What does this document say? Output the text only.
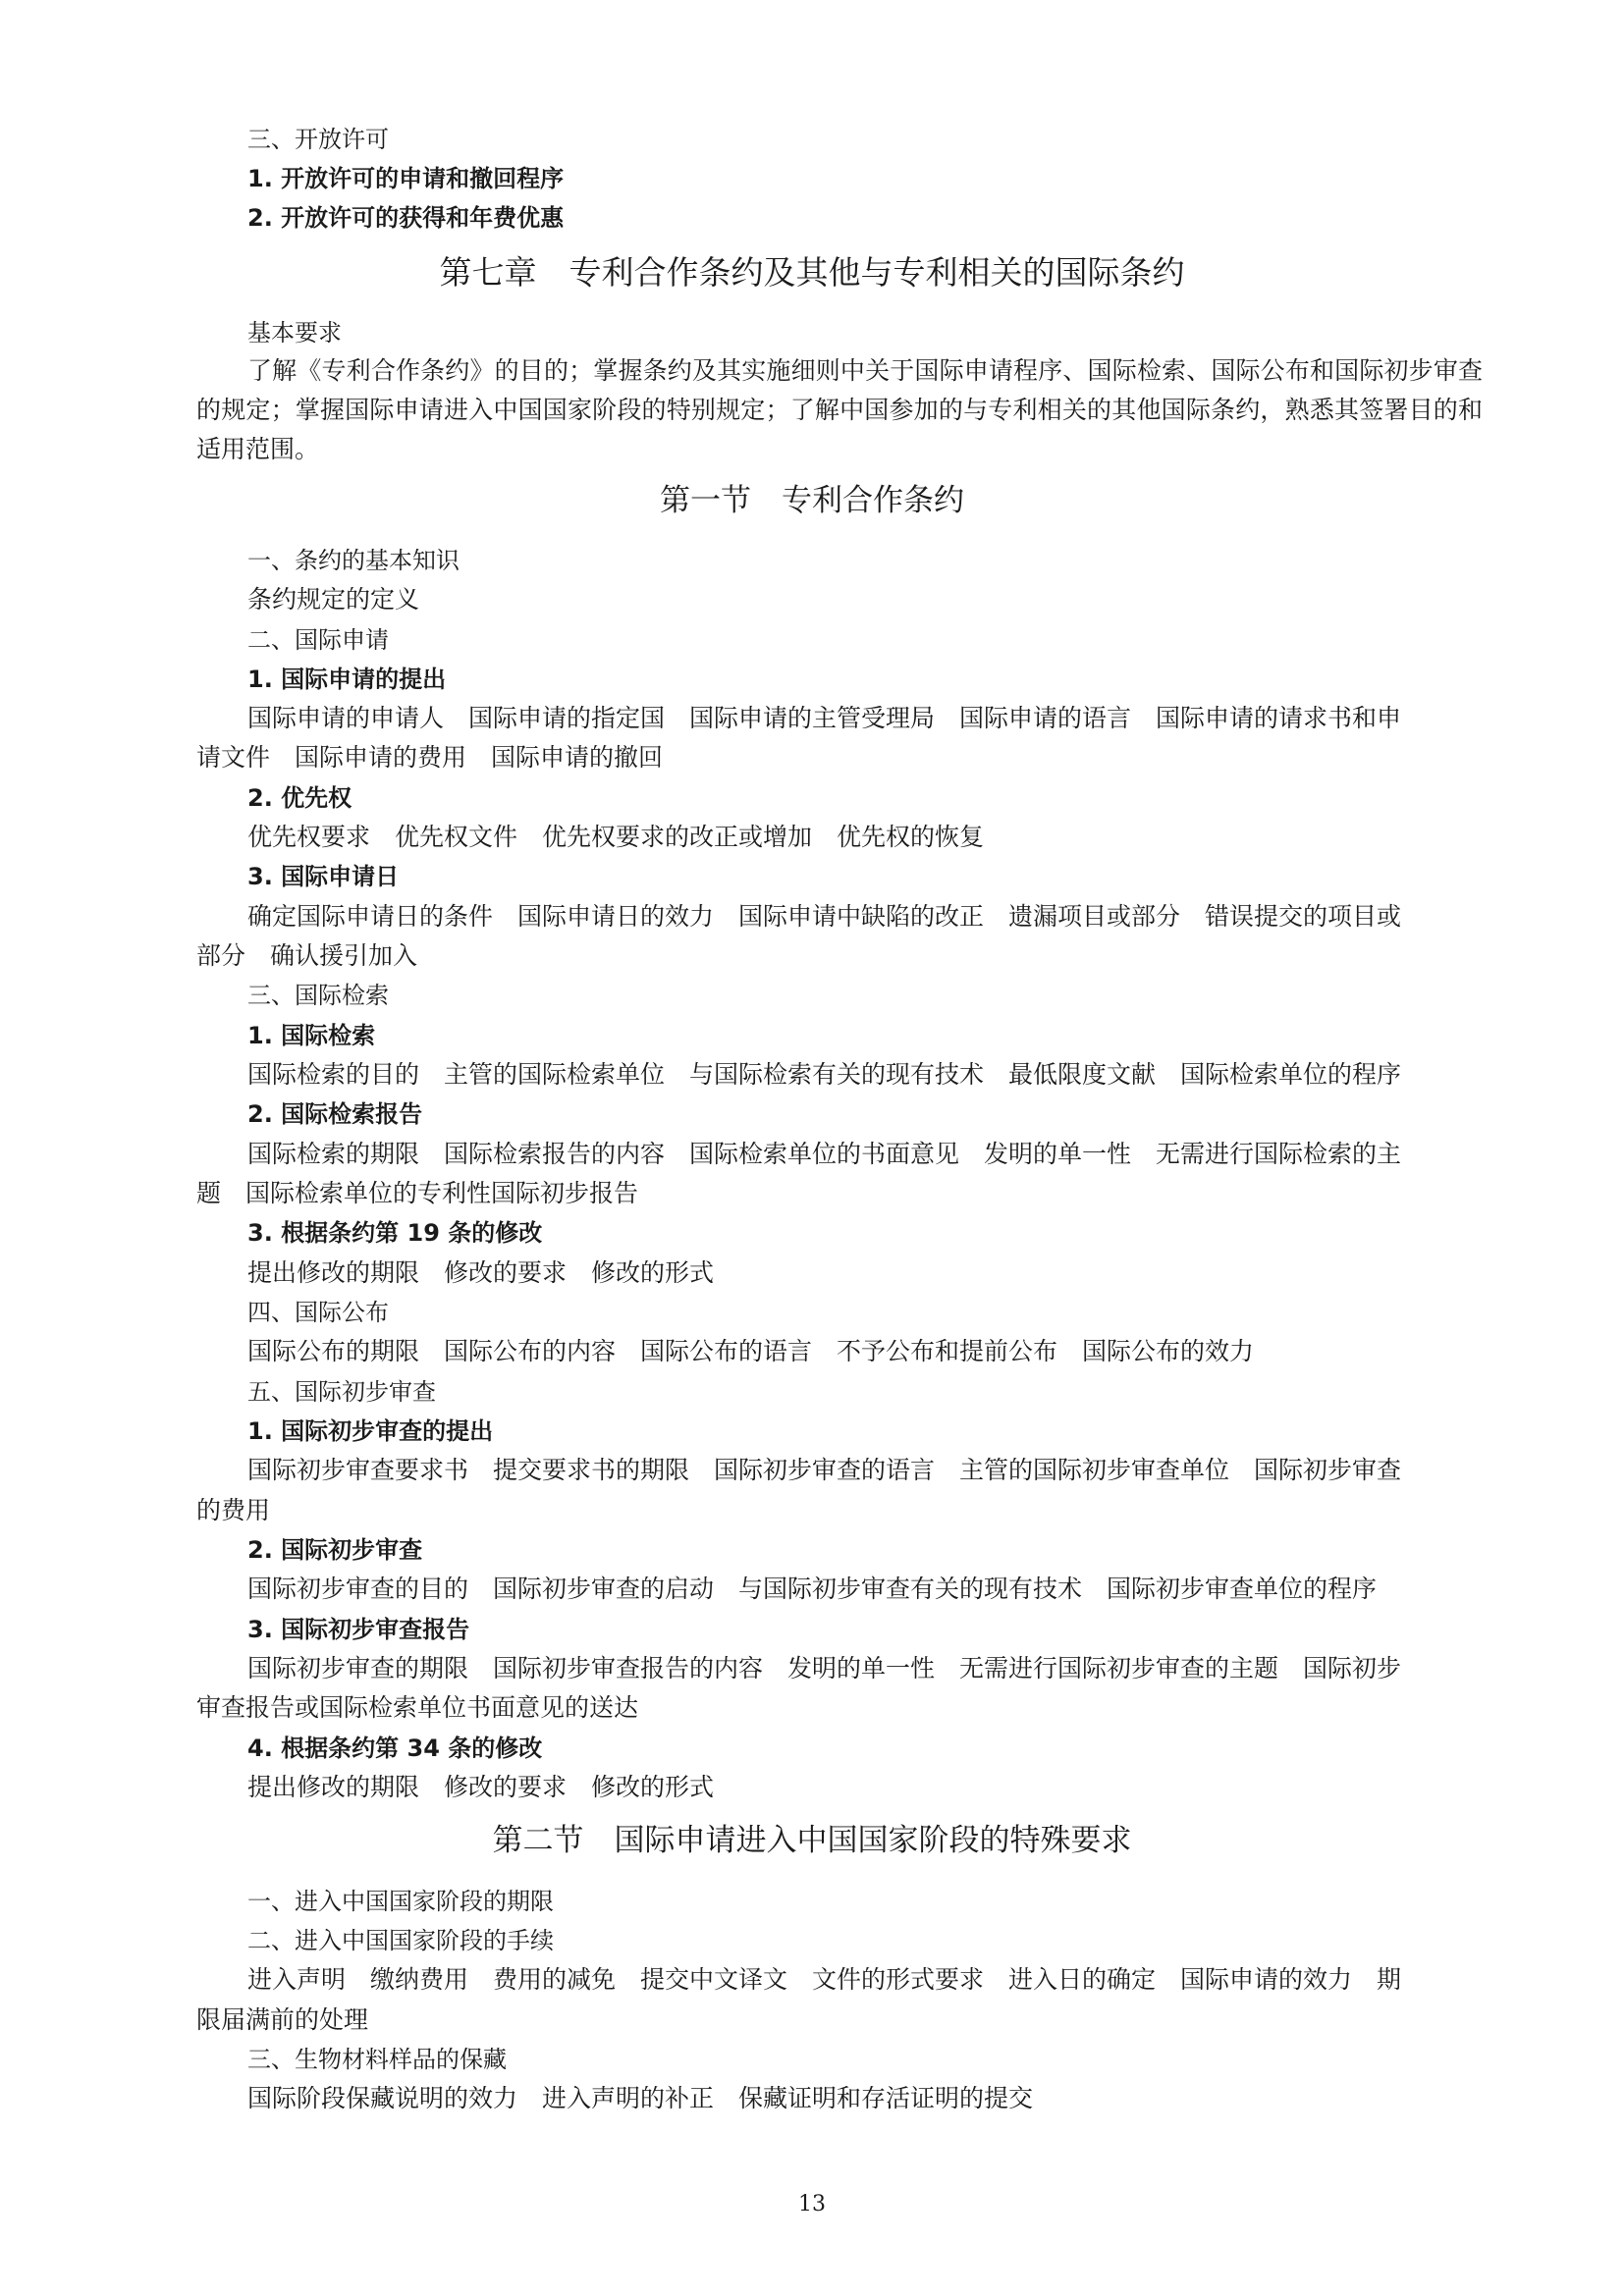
三、开放许可
1. 开放许可的申请和撤回程序
2. 开放许可的获得和年费优惠
第七章　专利合作条约及其他与专利相关的国际条约
基本要求
了解《专利合作条约》的目的；掌握条约及其实施细则中关于国际申请程序、国际检索、国际公布和国际初步审查的规定；掌握国际申请进入中国国家阶段的特别规定；了解中国参加的与专利相关的其他国际条约，熟悉其签署目的和适用范围。
第一节　专利合作条约
一、条约的基本知识
条约规定的定义
二、国际申请
1. 国际申请的提出
国际申请的申请人　国际申请的指定国　国际申请的主管受理局　国际申请的语言　国际申请的请求书和申
请文件　国际申请的费用　国际申请的撤回
2. 优先权
优先权要求　优先权文件　优先权要求的改正或增加　优先权的恢复
3. 国际申请日
确定国际申请日的条件　国际申请日的效力　国际申请中缺陷的改正　遗漏项目或部分　错误提交的项目或
部分　确认援引加入
三、国际检索
1. 国际检索
国际检索的目的　主管的国际检索单位　与国际检索有关的现有技术　最低限度文献　国际检索单位的程序
2. 国际检索报告
国际检索的期限　国际检索报告的内容　国际检索单位的书面意见　发明的单一性　无需进行国际检索的主
题　国际检索单位的专利性国际初步报告
3. 根据条约第 19 条的修改
提出修改的期限　修改的要求　修改的形式
四、国际公布
国际公布的期限　国际公布的内容　国际公布的语言　不予公布和提前公布　国际公布的效力
五、国际初步审查
1. 国际初步审查的提出
国际初步审查要求书　提交要求书的期限　国际初步审查的语言　主管的国际初步审查单位　国际初步审查
的费用
2. 国际初步审查
国际初步审查的目的　国际初步审查的启动　与国际初步审查有关的现有技术　国际初步审查单位的程序
3. 国际初步审查报告
国际初步审查的期限　国际初步审查报告的内容　发明的单一性　无需进行国际初步审查的主题　国际初步
审查报告或国际检索单位书面意见的送达
4. 根据条约第 34 条的修改
提出修改的期限　修改的要求　修改的形式
第二节　国际申请进入中国国家阶段的特殊要求
一、进入中国国家阶段的期限
二、进入中国国家阶段的手续
进入声明　缴纳费用　费用的减免　提交中文译文　文件的形式要求　进入日的确定　国际申请的效力　期
限届满前的处理
三、生物材料样品的保藏
国际阶段保藏说明的效力　进入声明的补正　保藏证明和存活证明的提交
13
